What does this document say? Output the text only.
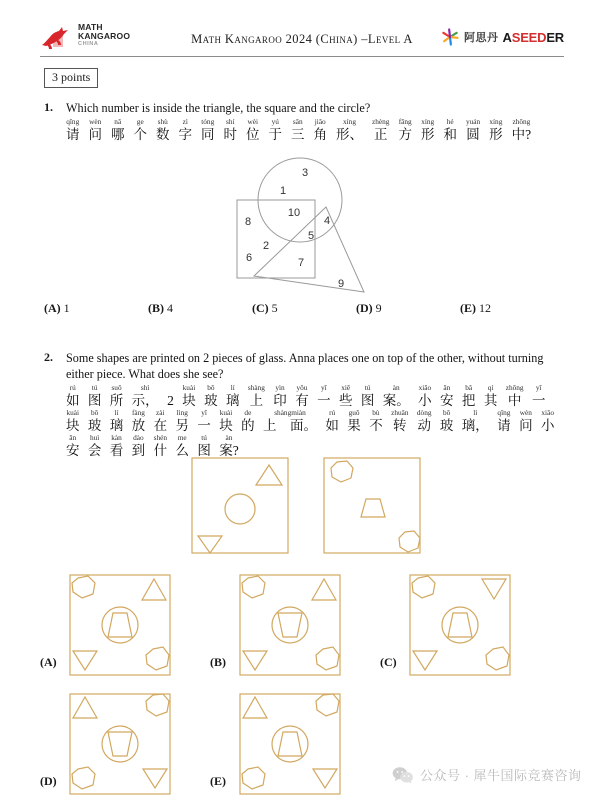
MATH
KANGAROO
CHINA	Math Kangaroo 2024 (China) –Level A	阿思丹 ASEEDER
3 points
1. Which number is inside the triangle, the square and the circle?
qǐng
请
wèn
问
nǎ
哪
ge
个
shù
数
zì
字
tóng
同
shí
时
wèi
位
yú
于
sān
三
jiǎo
角
xíng
形、
zhèng
正
fāng
方
xíng
形
hé
和
yuán
圆
xíng
形
zhōng
中?
3
1
10
8	4
5
2
6	7
9
(A) 1	(B) 4	(C) 5	(D) 9	(E) 12
2. Some shapes are printed on 2 pieces of glass. Anna places one on top of the other, without turning
either piece. What does she see?
rú
如
tú
图
suǒ
所
shì
示， 2
kuài
块
bō
玻
lí
璃
shàng
上
yìn
印
yǒu
有
yī
一
xiē
些
tú
图
àn
案。
xiǎo
小
ān
安
bǎ
把
qí
其
zhōng
中
yī
一
kuài
块
bō
玻
lí
璃
fàng
放
zài
在
lìng
另
yī
一
kuài
块
de
的
shàngmiàn
上　面。
rú
如
guǒ
果
bù
不
zhuǎn
转
dòng
动
bō
玻
lí
璃，
qǐng
请
wèn
问
xiǎo
小
ān
安
huì
会
kàn
看
dào
到
shén
什
me
么
tú
图
àn
案?
(A)	(B)	(C)
(D)	(E)	公众号 · 犀牛国际竞赛咨询
